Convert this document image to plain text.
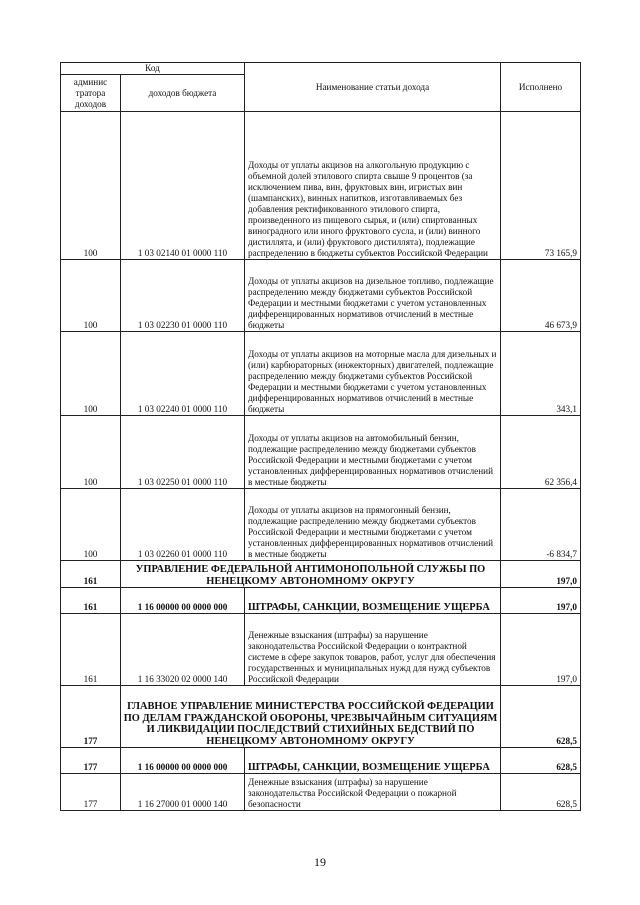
Код		Наименование статьи дохода	Исполнено
админис тратора доходов	доходов бюджета		
100	1 03 02140 01 0000 110	Доходы от уплаты акцизов на алкогольную продукцию с объемной долей этилового спирта свыше 9 процентов (за исключением пива, вин, фруктовых вин, игристых вин (шампанских), винных напитков, изготавливаемых без добавления ректификованного этилового спирта, произведенного из пищевого сырья, и (или) спиртованных виноградного или иного фруктового сусла, и (или) винного дистиллята, и (или) фруктового дистиллята), подлежащие распределению в бюджеты субъектов Российской Федерации	73 165,9
100	1 03 02230 01 0000 110	Доходы от уплаты акцизов на дизельное топливо, подлежащие распределению между бюджетами субъектов Российской Федерации и местными бюджетами с учетом установленных дифференцированных нормативов отчислений в местные бюджеты	46 673,9
100	1 03 02240 01 0000 110	Доходы от уплаты акцизов на моторные масла для дизельных и (или) карбюраторных (инжекторных) двигателей, подлежащие распределению между бюджетами субъектов Российской Федерации и местными бюджетами с учетом установленных дифференцированных нормативов отчислений в местные бюджеты	343,1
100	1 03 02250 01 0000 110	Доходы от уплаты акцизов на автомобильный бензин, подлежащие распределению между бюджетами субъектов Российской Федерации и местными бюджетами с учетом установленных дифференцированных нормативов отчислений в местные бюджеты	62 356,4
100	1 03 02260 01 0000 110	Доходы от уплаты акцизов на прямогонный бензин, подлежащие распределению между бюджетами субъектов Российской Федерации и местными бюджетами с учетом установленных дифференцированных нормативов отчислений в местные бюджеты	-6 834,7
161	УПРАВЛЕНИЕ ФЕДЕРАЛЬНОЙ АНТИМОНОПОЛЬНОЙ СЛУЖБЫ ПО НЕНЕЦКОМУ АВТОНОМНОМУ ОКРУГУ		197,0
161	1 16 00000 00 0000 000	ШТРАФЫ, САНКЦИИ, ВОЗМЕЩЕНИЕ УЩЕРБА	197,0
161	1 16 33020 02 0000 140	Денежные взыскания (штрафы) за нарушение законодательства Российской Федерации о контрактной системе в сфере закупок товаров, работ, услуг для обеспечения государственных и муниципальных нужд для нужд субъектов Российской Федерации	197,0
177	ГЛАВНОЕ УПРАВЛЕНИЕ МИНИСТЕРСТВА РОССИЙСКОЙ ФЕДЕРАЦИИ ПО ДЕЛАМ ГРАЖДАНСКОЙ ОБОРОНЫ, ЧРЕЗВЫЧАЙНЫМ СИТУАЦИЯМ И ЛИКВИДАЦИИ ПОСЛЕДСТВИЙ СТИХИЙНЫХ БЕДСТВИЙ ПО НЕНЕЦКОМУ АВТОНОМНОМУ ОКРУГУ		628,5
177	1 16 00000 00 0000 000	ШТРАФЫ, САНКЦИИ, ВОЗМЕЩЕНИЕ УЩЕРБА	628,5
177	1 16 27000 01 0000 140	Денежные взыскания (штрафы) за нарушение законодательства Российской Федерации о пожарной безопасности	628,5
19
